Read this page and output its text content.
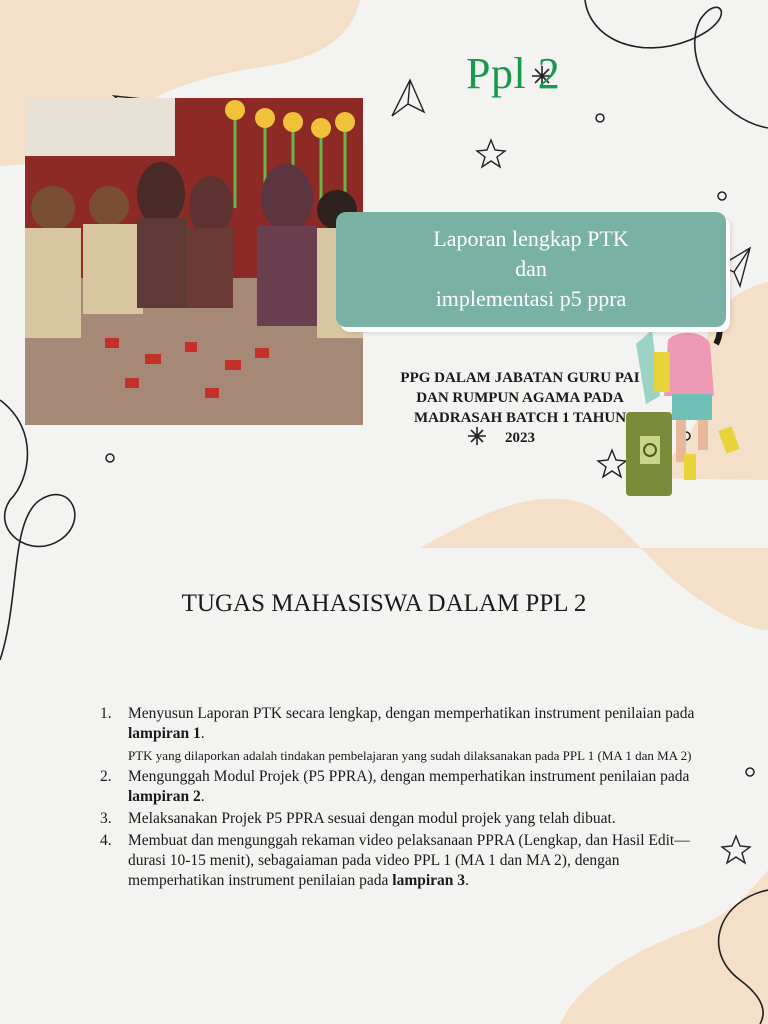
Ppl 2
Laporan lengkap PTK
dan
implementasi p5 ppra
PPG DALAM JABATAN GURU PAI
DAN RUMPUN AGAMA PADA
MADRASAH BATCH 1 TAHUN
2023
TUGAS MAHASISWA DALAM PPL 2
1. Menyusun Laporan PTK secara lengkap, dengan memperhatikan instrument penilaian pada lampiran 1.
PTK yang dilaporkan adalah tindakan pembelajaran yang sudah dilaksanakan pada PPL 1 (MA 1 dan MA 2)
2. Mengunggah Modul Projek (P5 PPRA), dengan memperhatikan instrument penilaian pada lampiran 2.
3. Melaksanakan Projek P5 PPRA sesuai dengan modul projek yang telah dibuat.
4. Membuat dan mengunggah rekaman video pelaksanaan PPRA (Lengkap, dan Hasil Edit—durasi 10-15 menit), sebagaiaman pada video PPL 1 (MA 1 dan MA 2), dengan memperhatikan instrument penilaian pada lampiran 3.
